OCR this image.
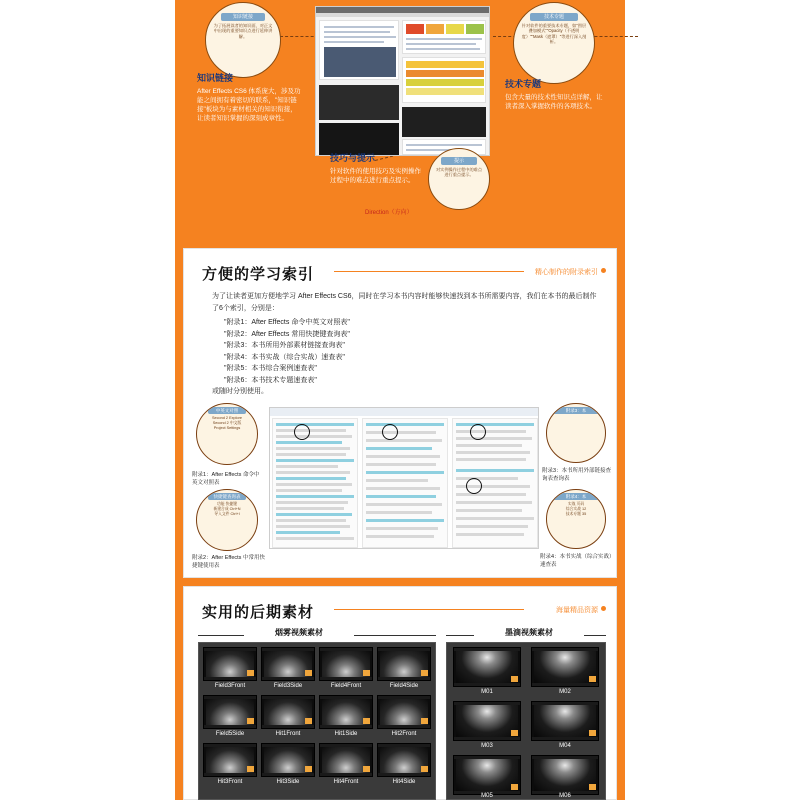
知识链接
为了拓展读者的知识面，对正文中出现的重要知识点进行延伸讲解。
技术专题
针对软件的重要技术专题，如"图层叠加模式""Opacity（不透明度）""Mask（遮罩）"等进行深入剖析。
提示
对实例操作过程中的难点进行重点提示。
知识链接
After Effects CS6 体系庞大，涉及功能之间拥有着密切的联系，"知识链接"板块为与素材相关的知识衔接，让读者知识掌握的深刻成章性。
技术专题
包含大量的技术性知识点详解，让读者深入掌握软件的各项技术。
技巧与提示
针对软件的使用技巧及实例操作过程中的难点进行重点提示。
Direction（方向）
方便的学习索引	精心制作的附录索引
为了让读者更加方便地学习 After Effects CS6，同时在学习本书内容时能够快速找到本书所需要内容，我们在本书的最后制作了6个索引，分别是：
"附录1：After Effects 命令中英文对照表"
"附录2：After Effects 常用快捷键查询表"
"附录3：本书所用外部素材链接查询表"
"附录4：本书实战（综合实战）速查表"
"附录5：本书综合案例速查表"
"附录6：本书技术专题速查表"
或随时分别使用。
中英文对照
Second 2 Explore
Second 2 中文版
Project Settings
附录1：After Effects 命令中英文对照表
快捷键查询表
功能 快捷键
新建合成 Ctrl+N
导入文件 Ctrl+I
附录2：After Effects 中常用快捷键使用表
附录3：本
附录3：本书所用外部链接查询表查询表
附录4：本
实战 页码
综合实战 12
技术专题 35
附录4：本书实战（综合实战）速查表
实用的后期素材	海量精品资源
烟雾视频素材	墨滴视频素材
Field3Front	Field3Side	Field4Front	Field4Side
Field5Side	Hit1Front	Hit1Side	Hit2Front
Hit3Front	Hit3Side	Hit4Front	Hit4Side
M01	M02
M03	M04
M05	M06
